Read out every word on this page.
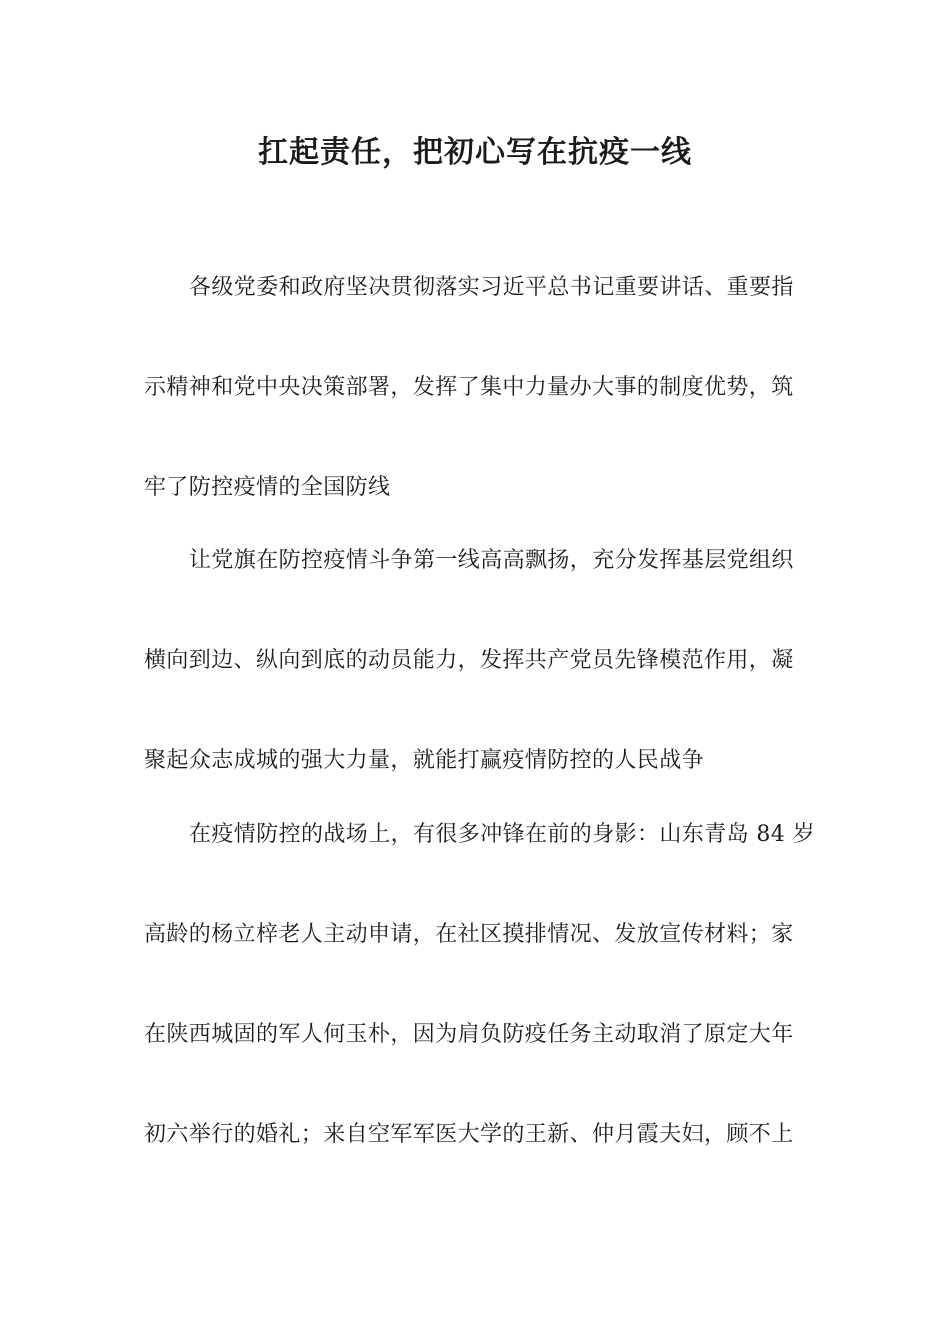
扛起责任，把初心写在抗疫一线
各级党委和政府坚决贯彻落实习近平总书记重要讲话、重要指
示精神和党中央决策部署，发挥了集中力量办大事的制度优势，筑
牢了防控疫情的全国防线
让党旗在防控疫情斗争第一线高高飘扬，充分发挥基层党组织
横向到边、纵向到底的动员能力，发挥共产党员先锋模范作用，凝
聚起众志成城的强大力量，就能打赢疫情防控的人民战争
在疫情防控的战场上，有很多冲锋在前的身影：山东青岛 84 岁
高龄的杨立梓老人主动申请，在社区摸排情况、发放宣传材料；家
在陕西城固的军人何玉朴，因为肩负防疫任务主动取消了原定大年
初六举行的婚礼；来自空军军医大学的王新、仲月霞夫妇，顾不上
